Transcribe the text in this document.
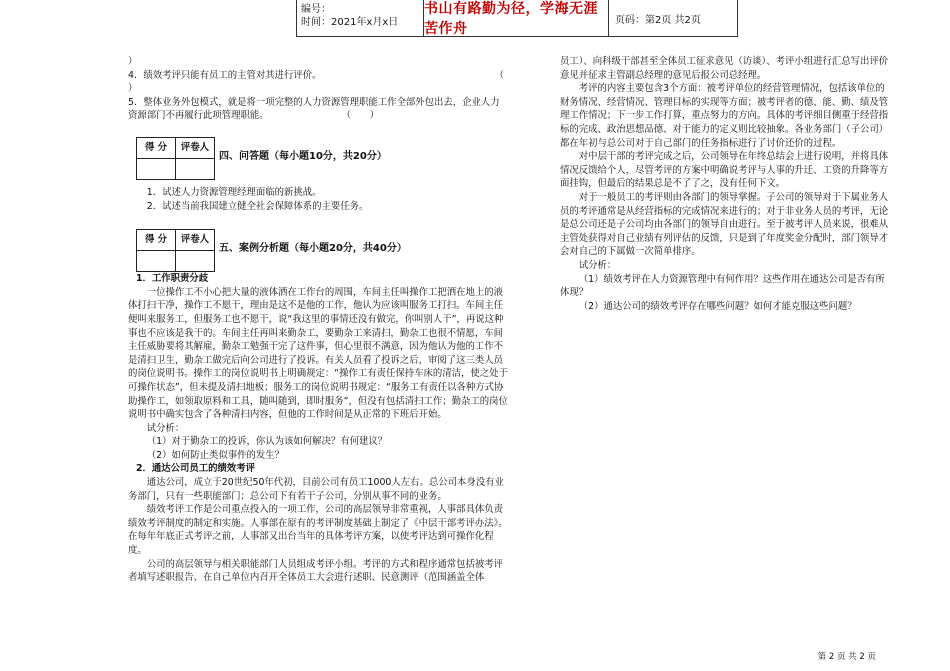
编号：
时间：2021年x月x日
书山有路勤为径，学海无涯苦作舟
页码：第2页 共2页

）

4．绩效考评只能有员工的主管对其进行评价。	（

）

5．整体业务外包模式，就是将一项完整的人力资源管理职能工作全部外包出去，企业人力资源部门不再履行此项管理职能。	（　　）

得 分	评卷人

四、问答题（每小题10分，共20分）

1．试述人力资源管理经理面临的新挑战。

2．试述当前我国建立健全社会保障体系的主要任务。

得 分	评卷人

五、案例分析题（每小题20分，共40分）

1．工作职责分歧

一位操作工不小心把大量的液体洒在工作台的周围，车间主任叫操作工把洒在地上的液体打扫干净，操作工不愿干，理由是这不是他的工作，他认为应该叫服务工打扫。车间主任便叫来服务工，但服务工也不愿干，说“我这里的事情还没有做完，你叫别人干”，再说这种事也不应该是我干的。车间主任再叫来勤杂工，要勤杂工来清扫，勤杂工也很不情愿，车间主任威胁要将其解雇，勤杂工勉强干完了这件事，但心里很不满意，因为他认为他的工作不是清扫卫生，勤杂工做完后向公司进行了投诉。有关人员看了投诉之后，审阅了这三类人员的岗位说明书。操作工的岗位说明书上明确规定：“操作工有责任保持车床的清洁，使之处于可操作状态”，但未提及清扫地板；服务工的岗位说明书规定：“服务工有责任以各种方式协助操作工，如领取原料和工具，随叫随到，即时服务”，但没有包括清扫工作；勤杂工的岗位说明书中确实包含了各种清扫内容，但他的工作时间是从正常的下班后开始。

试分析：

（1）对于勤杂工的投诉，你认为该如何解决？有何建议？

（2）如何防止类似事件的发生？

2．通达公司员工的绩效考评

通达公司，成立于20世纪50年代初，目前公司有员工1000人左右。总公司本身没有业务部门，只有一些职能部门；总公司下有若干子公司，分别从事不同的业务。

绩效考评工作是公司重点投入的一项工作，公司的高层领导非常重视，人事部具体负责绩效考评制度的制定和实施。人事部在原有的考评制度基础上制定了《中层干部考评办法》。在每年年底正式考评之前，人事部又出台当年的具体考评方案，以使考评达到可操作化程度。

公司的高层领导与相关职能部门人员组成考评小组。考评的方式和程序通常包括被考评者填写述职报告、在自己单位内召开全体员工大会进行述职、民意测评（范围涵盖全体

员工）、向科级干部甚至全体员工征求意见（访谈）、考评小组进行汇总写出评价意见并征求主管副总经理的意见后报公司总经理。

考评的内容主要包含3个方面：被考评单位的经营管理情况，包括该单位的财务情况、经营情况、管理目标的实现等方面；被考评者的德、能、勤、绩及管理工作情况；下一步工作打算，重点努力的方向。具体的考评细目侧重于经营指标的完成、政治思想品德、对于能力的定义则比较抽象。各业务部门（子公司）都在年初与总公司对于自己部门的任务指标进行了讨价还价的过程。

对中层干部的考评完成之后，公司领导在年终总结会上进行说明，并将具体情况反馈给个人，尽管考评的方案中明确说考评与人事的升迁、工资的升降等方面挂钩，但最后的结果总是不了了之，没有任何下文。

对于一般员工的考评则由各部门的领导掌握。子公司的领导对于下属业务人员的考评通常是从经营指标的完成情况来进行的；对于非业务人员的考评，无论是总公司还是子公司均由各部门的领导自由进行。至于被考评人员来说，很难从主管处获得对自己业绩有列评估的反馈，只是到了年度奖金分配时，部门领导才会对自己的下属做一次简单排序。

试分析：

（1）绩效考评在人力资源管理中有何作用？这些作用在通达公司是否有所体现？

（2）通达公司的绩效考评存在哪些问题？如何才能克服这些问题？

第 2 页 共 2 页
